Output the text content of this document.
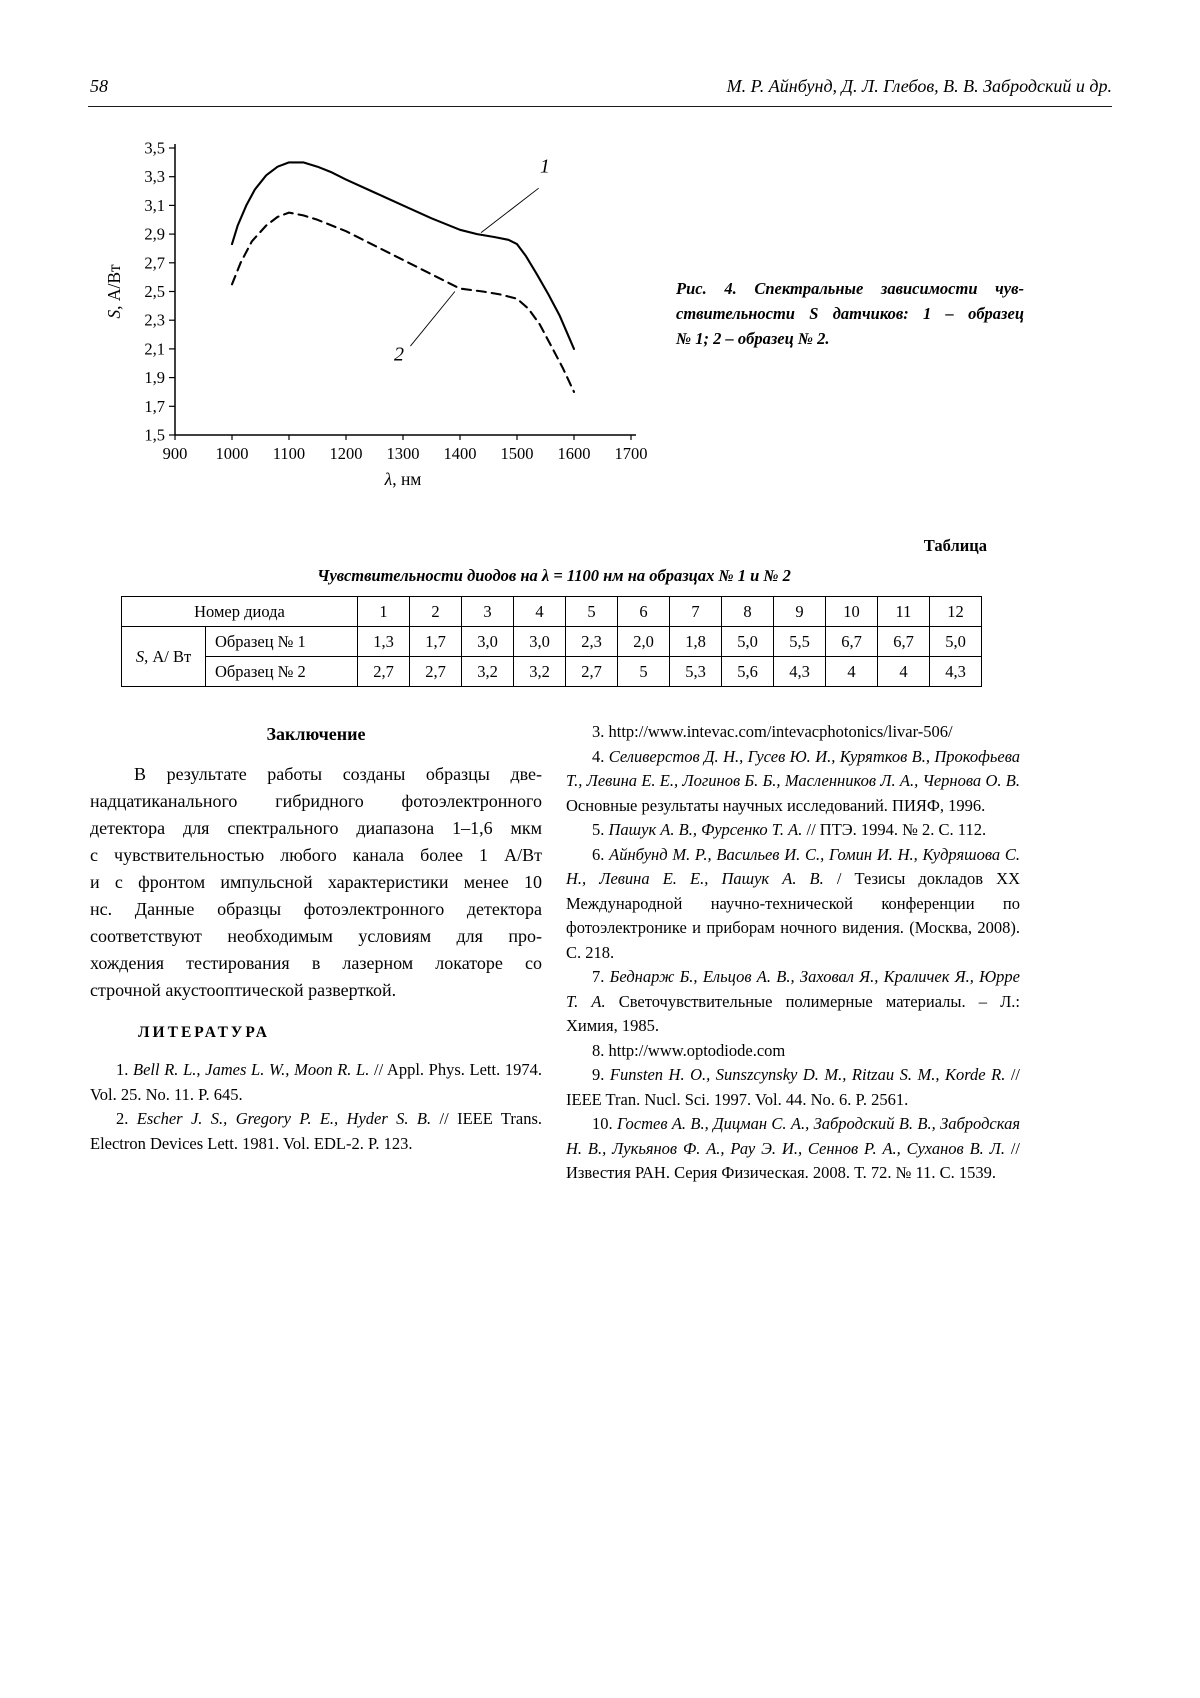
58	М. Р. Айнбунд, Д. Л. Глебов, В. В. Забродский и др.
900 1000 1100 1200 1300 1400 1500 1600 1700
3,5
3,3
3,1
2,9
2,7
2,5
2,3
2,1
1,9
1,7
1,5
λ, нм
S, А/Вт
1
2
Рис. 4. Спектральные зависимости чув-
ствительности S датчиков: 1 – образец
№ 1; 2 – образец № 2.
Таблица
Чувствительности диодов на λ = 1100 нм на образцах № 1 и № 2
Номер диода		1	2	3	4	5	6	7	8	9	10	11	12
S, А/ Вт	Образец № 1	1,3	1,7	3,0	3,0	2,3	2,0	1,8	5,0	5,5	6,7	6,7	5,0
	Образец № 2	2,7	2,7	3,2	3,2	2,7	5	5,3	5,6	4,3	4	4	4,3
Заключение
В результате работы созданы образцы две-
надцатиканального гибридного фотоэлектронного
детектора для спектрального диапазона 1–1,6 мкм
с чувствительностью любого канала более 1 А/Вт
и с фронтом импульсной характеристики менее 10
нс. Данные образцы фотоэлектронного детектора
соответствуют необходимым условиям для про-
хождения тестирования в лазерном локаторе со
строчной акустооптической разверткой.
ЛИТЕРАТУРА

1. Bell R. L., James L. W., Moon R. L. // Appl. Phys. Lett. 1974. Vol. 25. No. 11. P. 645.

2. Escher J. S., Gregory P. E., Hyder S. B. // IEEE Trans. Electron Devices Lett. 1981. Vol. EDL-2. P. 123.

3. http://www.intevac.com/intevacphotonics/livar-506/

4. Селиверстов Д. Н., Гусев Ю. И., Курятков В., Прокофьева Т., Левина Е. Е., Логинов Б. Б., Масленников Л. А., Чернова О. В. Основные результаты научных исследований. ПИЯФ, 1996.

5. Пашук А. В., Фурсенко Т. А. // ПТЭ. 1994. № 2. С. 112.

6. Айнбунд М. Р., Васильев И. С., Гомин И. Н., Кудряшова С. Н., Левина Е. Е., Пашук А. В. / Тезисы докладов XX Международной научно-технической конференции по фотоэлектронике и приборам ночного видения. (Москва, 2008). С. 218.

7. Беднарж Б., Ельцов А. В., Заховал Я., Краличек Я., Юрре Т. А. Светочувствительные полимерные материалы. – Л.: Химия, 1985.

8. http://www.optodiode.com

9. Funsten H. O., Sunszcynsky D. M., Ritzau S. M., Korde R. // IEEE Tran. Nucl. Sci. 1997. Vol. 44. No. 6. P. 2561.

10. Гостев А. В., Дицман С. А., Забродский В. В., Забродская Н. В., Лукьянов Ф. А., Рау Э. И., Сеннов Р. А., Суханов В. Л. // Известия РАН. Серия Физическая. 2008. Т. 72. № 11. С. 1539.
